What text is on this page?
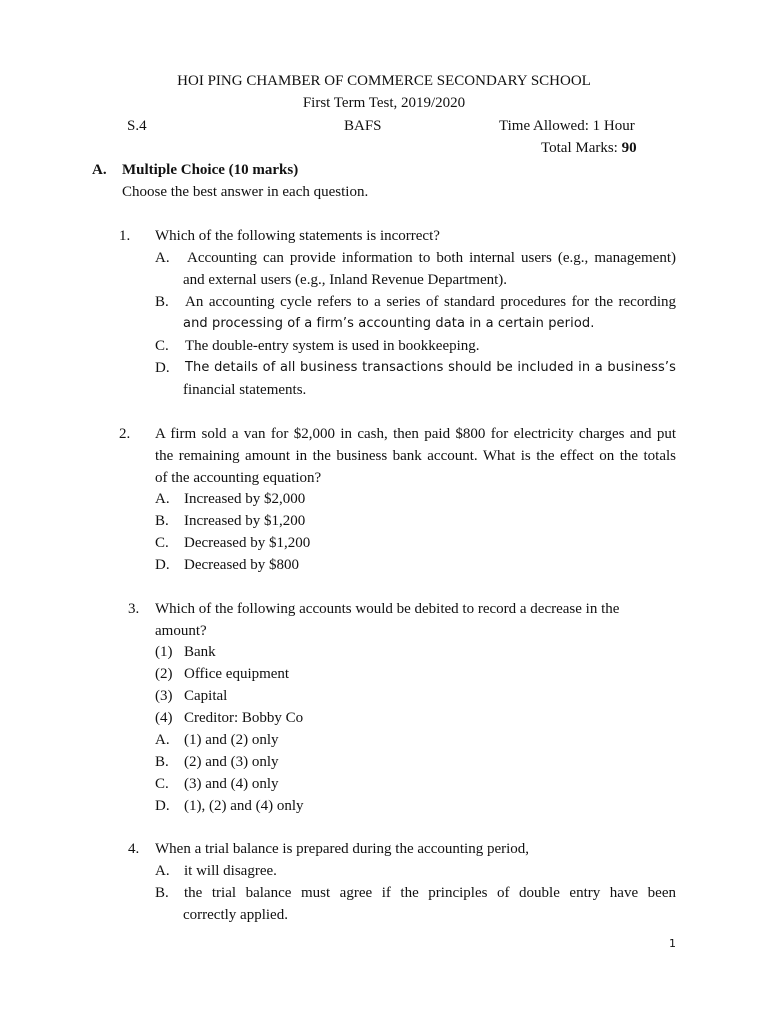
HOI PING CHAMBER OF COMMERCE SECONDARY SCHOOL
First Term Test, 2019/2020
S.4	BAFS	Time Allowed: 1 Hour
Total Marks: 90
A. Multiple Choice (10 marks)
Choose the best answer in each question.
1. Which of the following statements is incorrect?
A. Accounting can provide information to both internal users (e.g., management)
and external users (e.g., Inland Revenue Department).
B. An accounting cycle refers to a series of standard procedures for the recording
and processing of a firm’s accounting data in a certain period.
C. The double-entry system is used in bookkeeping.
D. The details of all business transactions should be included in a business’s
financial statements.
2. A firm sold a van for $2,000 in cash, then paid $800 for electricity charges and put
the remaining amount in the business bank account. What is the effect on the totals
of the accounting equation?
A. Increased by $2,000
B. Increased by $1,200
C. Decreased by $1,200
D. Decreased by $800
3. Which of the following accounts would be debited to record a decrease in the
amount?
(1) Bank
(2) Office equipment
(3) Capital
(4) Creditor: Bobby Co
A. (1) and (2) only
B. (2) and (3) only
C. (3) and (4) only
D. (1), (2) and (4) only
4. When a trial balance is prepared during the accounting period,
A. it will disagree.
B. the trial balance must agree if the principles of double entry have been
correctly applied.
1
